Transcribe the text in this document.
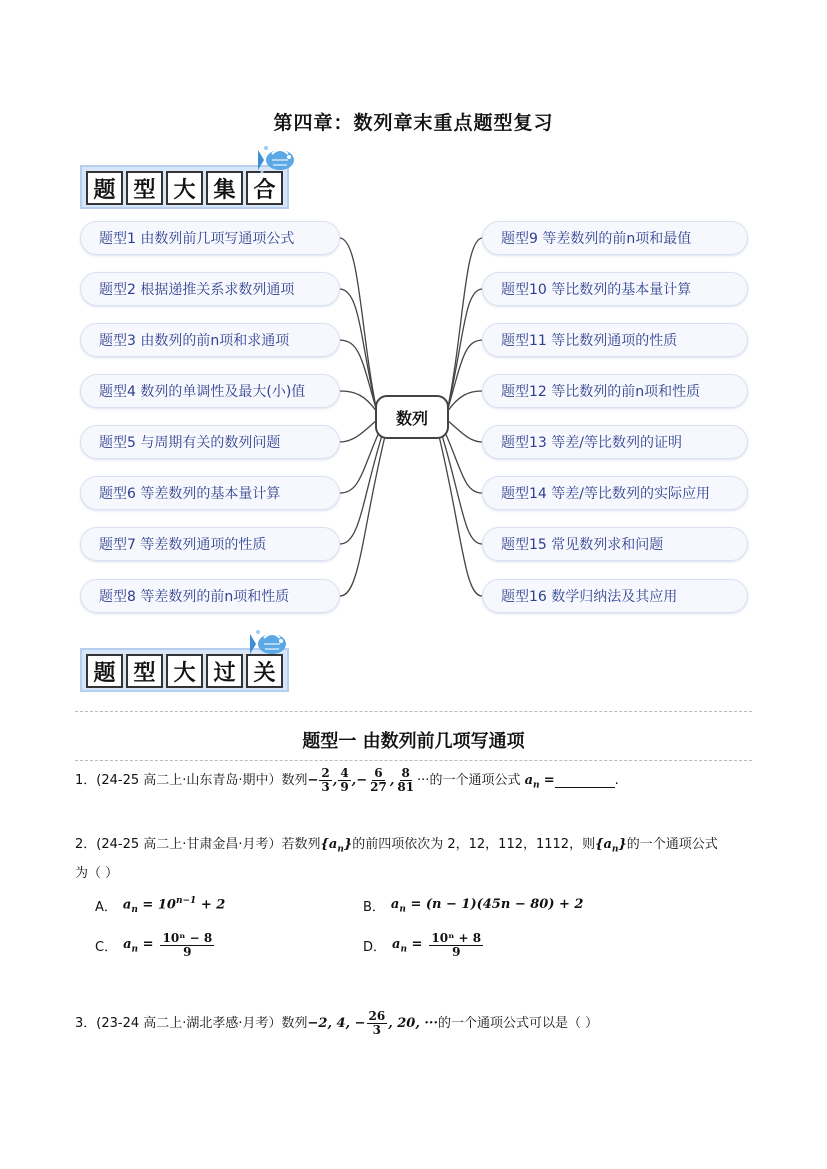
第四章：数列章末重点题型复习
题 型 大 集 合
数列
题型1 由数列前几项写通项公式
题型2 根据递推关系求数列通项
题型3 由数列的前n项和求通项
题型4 数列的单调性及最大(小)值
题型5 与周期有关的数列问题
题型6 等差数列的基本量计算
题型7 等差数列通项的性质
题型8 等差数列的前n项和性质
题型9 等差数列的前n项和最值
题型10 等比数列的基本量计算
题型11 等比数列通项的性质
题型12 等比数列的前n项和性质
题型13 等差/等比数列的证明
题型14 等差/等比数列的实际应用
题型15 常见数列求和问题
题型16 数学归纳法及其应用
题 型 大 过 关
题型一 由数列前几项写通项
1．(24-25 高二上·山东青岛·期中）数列− $\frac{2}{3}$ , $\frac{4}{9}$ ,− $\frac{6}{27}$ , $\frac{8}{81}$ ···的一个通项公式 $a_n$ =	.
2．(24-25 高二上·甘肃金昌·月考）若数列$\{a_n\}$的前四项依次为 2，12，112，1112，则$\{a_n\}$的一个通项公式
为（ ）
A． $a_n = 10^{n-1} + 2$	B． $a_n = (n - 1)(45n - 80) + 2$
C． $a_n = \frac{\text{10ⁿ − 8}}{9}$	D． $a_n = \frac{\text{10ⁿ + 8}}{9}$
3．(23-24 高二上·湖北孝感·月考）数列−2, 4, − $\frac{26}{3}$ , 20, ···的一个通项公式可以是（ ）
